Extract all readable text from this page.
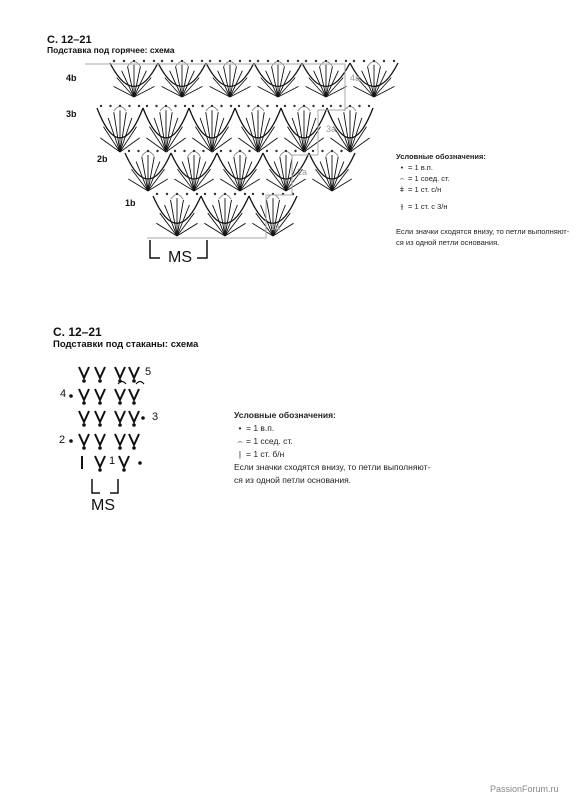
С. 12–21
Подставка под горячее: схема
4b
3b
2b
1b
4a
3a
2a
1a
MS
Условные обозначения:
• = 1 в.п.
⌢ = 1 соед. ст.
ǂ = 1 ст. с/н
⫲ = 1 ст. с 3/н
Если значки сходятся внизу, то петли выполняют-
ся из одной петли основания.
С. 12–21
Подставки под стаканы: схема
1
2
3
4
5
MS
Условные обозначения:
• = 1 в.п.
⌢ = 1 ссед. ст.
| = 1 ст. б/н
Если значки сходятся внизу, то петли выполняют-
ся из одной петли основания.
PassionForum.ru
